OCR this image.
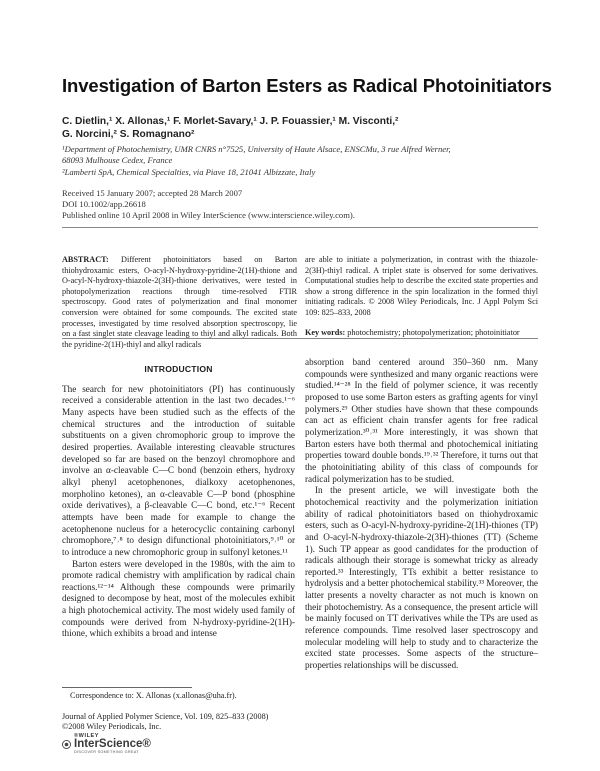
Investigation of Barton Esters as Radical Photoinitiators
C. Dietlin,¹ X. Allonas,¹ F. Morlet-Savary,¹ J. P. Fouassier,¹ M. Visconti,²
G. Norcini,² S. Romagnano²
¹Department of Photochemistry, UMR CNRS n°7525, University of Haute Alsace, ENSCMu, 3 rue Alfred Werner,
68093 Mulhouse Cedex, France
²Lamberti SpA, Chemical Specialties, via Piave 18, 21041 Albizzate, Italy
Received 15 January 2007; accepted 28 March 2007
DOI 10.1002/app.26618
Published online 10 April 2008 in Wiley InterScience (www.interscience.wiley.com).

ABSTRACT: Different photoinitiators based on Barton thiohydroxamic esters, O-acyl-N-hydroxy-pyridine-2(1H)-thione and O-acyl-N-hydroxy-thiazole-2(3H)-thione derivatives, were tested in photopolymerization reactions through time-resolved FTIR spectroscopy. Good rates of polymerization and final monomer conversion were obtained for some compounds. The excited state processes, investigated by time resolved absorption spectroscopy, lie on a fast singlet state cleavage leading to thiyl and alkyl radicals. Both the pyridine-2(1H)-thiyl and alkyl radicals

are able to initiate a polymerization, in contrast with the thiazole-2(3H)-thiyl radical. A triplet state is observed for some derivatives. Computational studies help to describe the excited state properties and show a strong difference in the spin localization in the formed thiyl initiating radicals. © 2008 Wiley Periodicals, Inc. J Appl Polym Sci 109: 825–833, 2008

Key words: photochemistry; photopolymerization; photoinitiator

INTRODUCTION

The search for new photoinitiators (PI) has continuously received a considerable attention in the last two decades.¹⁻⁶ Many aspects have been studied such as the effects of the chemical structures and the introduction of suitable substituents on a given chromophoric group to improve the desired properties. Available interesting cleavable structures developed so far are based on the benzoyl chromophore and involve an α-cleavable C—C bond (benzoin ethers, hydroxy alkyl phenyl acetophenones, dialkoxy acetophenones, morpholino ketones), an α-cleavable C—P bond (phosphine oxide derivatives), a β-cleavable C—C bond, etc.¹⁻⁶ Recent attempts have been made for example to change the acetophenone nucleus for a heterocyclic containing carbonyl chromophore,⁷˒⁸ to design difunctional photoinitiators,⁹˒¹⁰ or to introduce a new chromophoric group in sulfonyl ketones.¹¹

Barton esters were developed in the 1980s, with the aim to promote radical chemistry with amplification by radical chain reactions.¹²⁻¹⁴ Although these compounds were primarily designed to decompose by heat, most of the molecules exhibit a high photochemical activity. The most widely used family of compounds were derived from N-hydroxy-pyridine-2(1H)-thione, which exhibits a broad and intense

absorption band centered around 350–360 nm. Many compounds were synthesized and many organic reactions were studied.¹⁴⁻²⁸ In the field of polymer science, it was recently proposed to use some Barton esters as grafting agents for vinyl polymers.²⁹ Other studies have shown that these compounds can act as efficient chain transfer agents for free radical polymerization.³⁰˒³¹ More interestingly, it was shown that Barton esters have both thermal and photochemical initiating properties toward double bonds.¹⁹˒³² Therefore, it turns out that the photoinitiating ability of this class of compounds for radical polymerization has to be studied.

In the present article, we will investigate both the photochemical reactivity and the polymerization initiation ability of radical photoinitiators based on thiohydroxamic esters, such as O-acyl-N-hydroxy-pyridine-2(1H)-thiones (TP) and O-acyl-N-hydroxy-thiazole-2(3H)-thiones (TT) (Scheme 1). Such TP appear as good candidates for the production of radicals although their storage is somewhat tricky as already reported.³³ Interestingly, TTs exhibit a better resistance to hydrolysis and a better photochemical stability.³³ Moreover, the latter presents a novelty character as not much is known on their photochemistry. As a consequence, the present article will be mainly focused on TT derivatives while the TPs are used as reference compounds. Time resolved laser spectroscopy and molecular modeling will help to study and to characterize the excited state processes. Some aspects of the structure–properties relationships will be discussed.

Correspondence to: X. Allonas (x.allonas@uha.fr).
Journal of Applied Polymer Science, Vol. 109, 825–833 (2008)
©2008 Wiley Periodicals, Inc.
®WILEY
InterScience®
DISCOVER SOMETHING GREAT
